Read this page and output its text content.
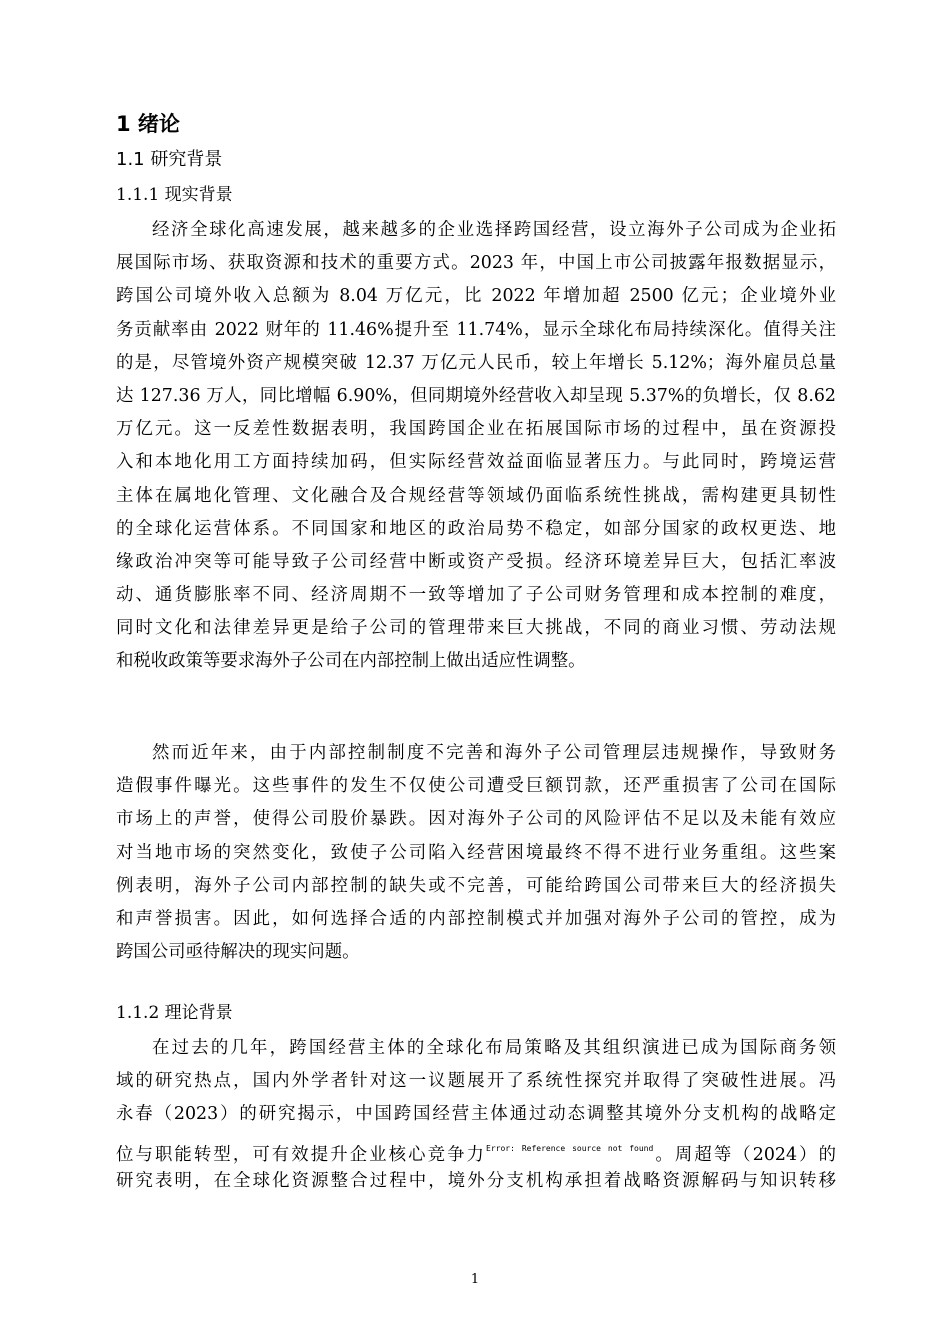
1 绪论
1.1 研究背景
1.1.1 现实背景
经济全球化高速发展，越来越多的企业选择跨国经营，设立海外子公司成为企业拓
展国际市场、获取资源和技术的重要方式。2023 年，中国上市公司披露年报数据显示，
跨国公司境外收入总额为 8.04 万亿元，比 2022 年增加超 2500 亿元；企业境外业
务贡献率由 2022 财年的 11.46%提升至 11.74%，显示全球化布局持续深化。值得关注
的是，尽管境外资产规模突破 12.37 万亿元人民币，较上年增长 5.12%；海外雇员总量
达 127.36 万人，同比增幅 6.90%，但同期境外经营收入却呈现 5.37%的负增长，仅 8.62
万亿元。这一反差性数据表明，我国跨国企业在拓展国际市场的过程中，虽在资源投
入和本地化用工方面持续加码，但实际经营效益面临显著压力。与此同时，跨境运营
主体在属地化管理、文化融合及合规经营等领域仍面临系统性挑战，需构建更具韧性
的全球化运营体系。不同国家和地区的政治局势不稳定，如部分国家的政权更迭、地
缘政治冲突等可能导致子公司经营中断或资产受损。经济环境差异巨大，包括汇率波
动、通货膨胀率不同、经济周期不一致等增加了子公司财务管理和成本控制的难度，
同时文化和法律差异更是给子公司的管理带来巨大挑战，不同的商业习惯、劳动法规
和税收政策等要求海外子公司在内部控制上做出适应性调整。
然而近年来，由于内部控制制度不完善和海外子公司管理层违规操作，导致财务
造假事件曝光。这些事件的发生不仅使公司遭受巨额罚款，还严重损害了公司在国际
市场上的声誉，使得公司股价暴跌。因对海外子公司的风险评估不足以及未能有效应
对当地市场的突然变化，致使子公司陷入经营困境最终不得不进行业务重组。这些案
例表明，海外子公司内部控制的缺失或不完善，可能给跨国公司带来巨大的经济损失
和声誉损害。因此，如何选择合适的内部控制模式并加强对海外子公司的管控，成为
跨国公司亟待解决的现实问题。
1.1.2 理论背景
在过去的几年，跨国经营主体的全球化布局策略及其组织演进已成为国际商务领
域的研究热点，国内外学者针对这一议题展开了系统性探究并取得了突破性进展。冯
永春（2023）的研究揭示，中国跨国经营主体通过动态调整其境外分支机构的战略定
位与职能转型，可有效提升企业核心竞争力$^{Error: Reference source not found}$。周超等（2024）的
研究表明，在全球化资源整合过程中，境外分支机构承担着战略资源解码与知识转移
1
